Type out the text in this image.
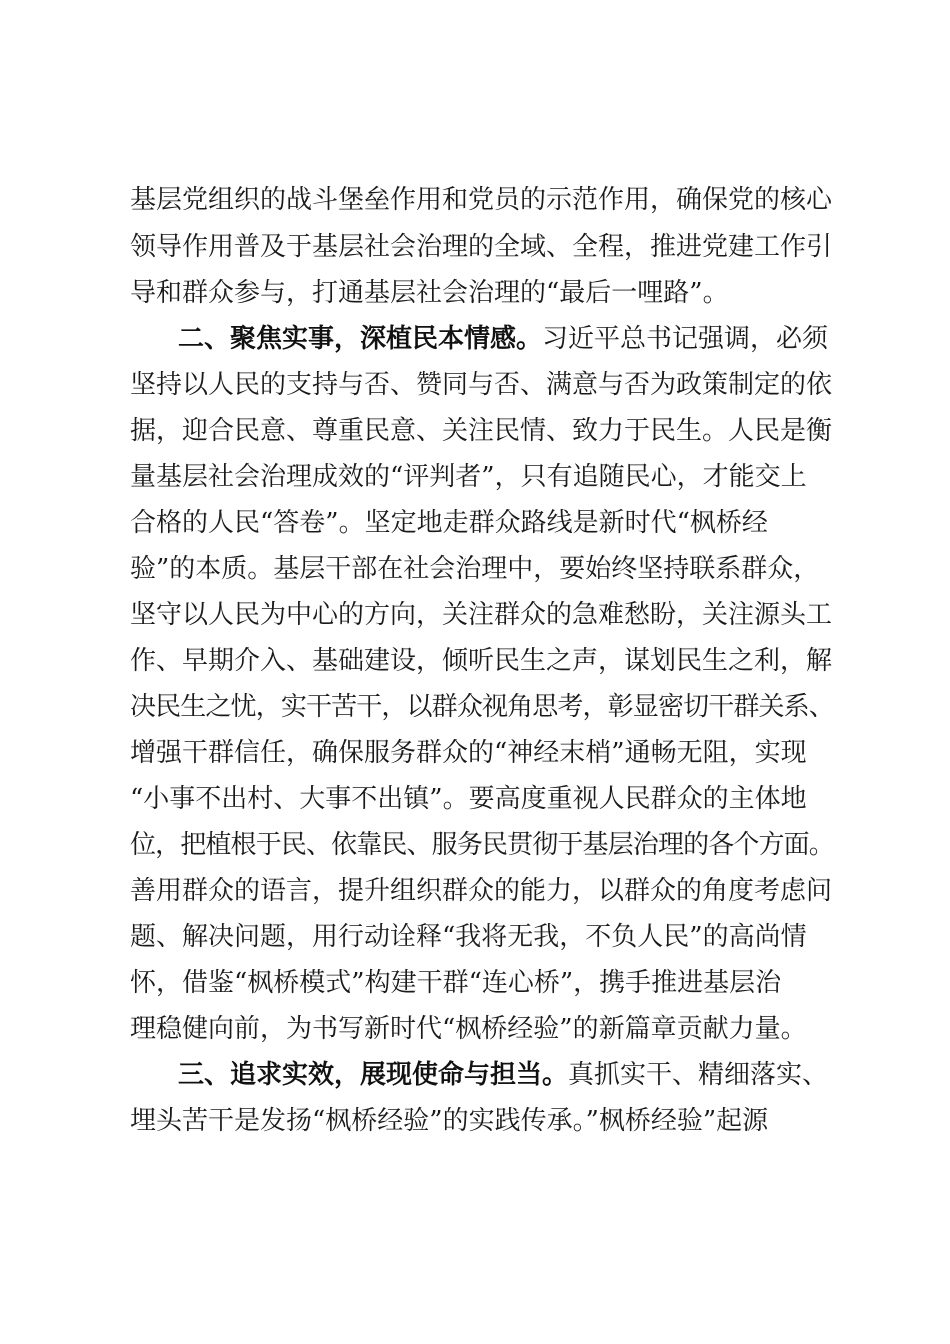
基层党组织的战斗堡垒作用和党员的示范作用，确保党的核心
领导作用普及于基层社会治理的全域、全程，推进党建工作引
导和群众参与，打通基层社会治理的“最后一哩路”。
二、聚焦实事，深植民本情感。习近平总书记强调，必须
坚持以人民的支持与否、赞同与否、满意与否为政策制定的依
据，迎合民意、尊重民意、关注民情、致力于民生。人民是衡
量基层社会治理成效的“评判者”，只有追随民心，才能交上
合格的人民“答卷”。坚定地走群众路线是新时代“枫桥经
验”的本质。基层干部在社会治理中，要始终坚持联系群众，
坚守以人民为中心的方向，关注群众的急难愁盼，关注源头工
作、早期介入、基础建设，倾听民生之声，谋划民生之利，解
决民生之忧，实干苦干，以群众视角思考，彰显密切干群关系、
增强干群信任，确保服务群众的“神经末梢”通畅无阻，实现
“小事不出村、大事不出镇”。要高度重视人民群众的主体地
位，把植根于民、依靠民、服务民贯彻于基层治理的各个方面。
善用群众的语言，提升组织群众的能力，以群众的角度考虑问
题、解决问题，用行动诠释“我将无我，不负人民”的高尚情
怀，借鉴“枫桥模式”构建干群“连心桥”，携手推进基层治
理稳健向前，为书写新时代“枫桥经验”的新篇章贡献力量。
三、追求实效，展现使命与担当。真抓实干、精细落实、
埋头苦干是发扬“枫桥经验”的实践传承。”枫桥经验”起源
